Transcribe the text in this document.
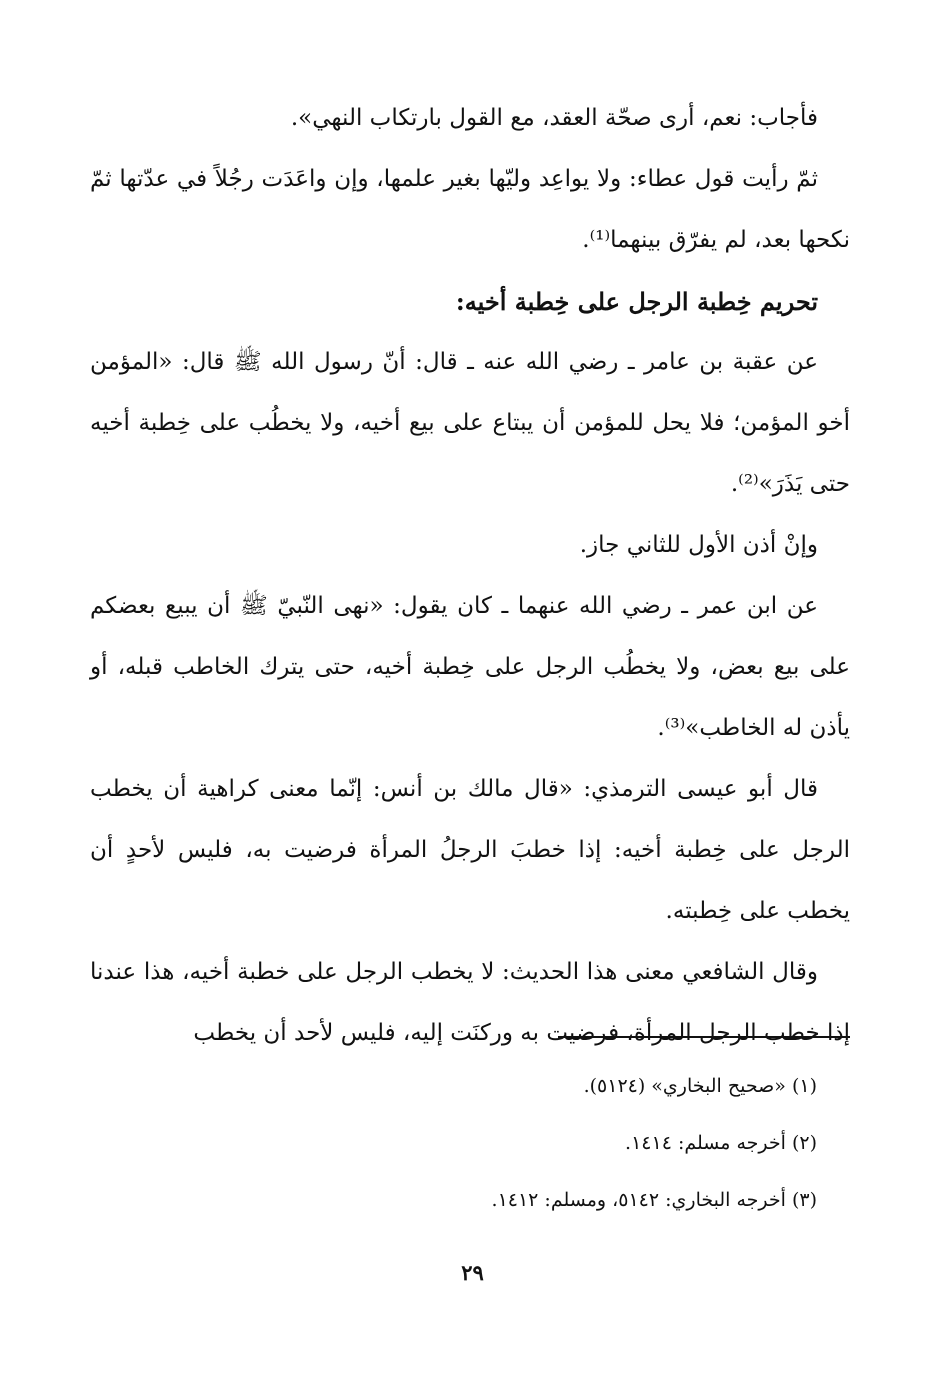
فأجاب: نعم، أرى صحّة العقد، مع القول بارتكاب النهي».

ثمّ رأيت قول عطاء: ولا يواعِد وليّها بغير علمها، وإن واعَدَت رجُلاً في عدّتها ثمّ نكحها بعد، لم يفرّق بينهما⁽¹⁾.

تحريم خِطبة الرجل على خِطبة أخيه:

عن عقبة بن عامر ـ رضي الله عنه ـ قال: أنّ رسول الله ﷺ قال: «المؤمن أخو المؤمن؛ فلا يحل للمؤمن أن يبتاع على بيع أخيه، ولا يخطُب على خِطبة أخيه حتى يَذَرَ»⁽²⁾.

وإنْ أذن الأول للثاني جاز.

عن ابن عمر ـ رضي الله عنهما ـ كان يقول: «نهى النّبيّ ﷺ أن يبيع بعضكم على بيع بعض، ولا يخطُب الرجل على خِطبة أخيه، حتى يترك الخاطب قبله، أو يأذن له الخاطب»⁽³⁾.

قال أبو عيسى الترمذي: «قال مالك بن أنس: إنّما معنى كراهية أن يخطب الرجل على خِطبة أخيه: إذا خطبَ الرجلُ المرأة فرضيت به، فليس لأحدٍ أن يخطب على خِطبته.

وقال الشافعي معنى هذا الحديث: لا يخطب الرجل على خطبة أخيه، هذا عندنا إذا خطب الرجل المرأة، فرضيت به وركنَت إليه، فليس لأحد أن يخطب

(١) «صحيح البخاري» (٥١٢٤).

(٢) أخرجه مسلم: ١٤١٤.

(٣) أخرجه البخاري: ٥١٤٢، ومسلم: ١٤١٢.

٢٩
